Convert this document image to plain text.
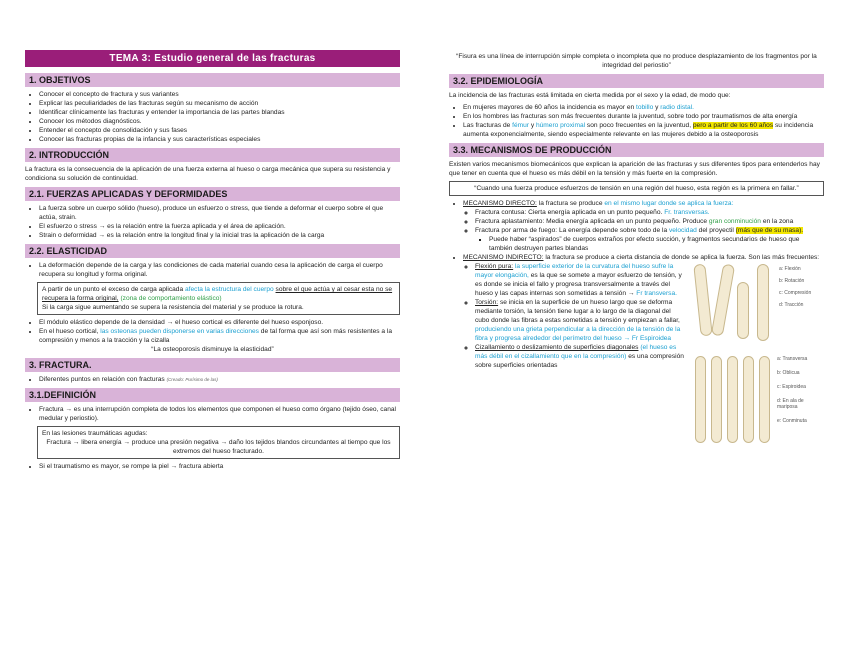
TEMA 3: Estudio general de las fracturas
1. OBJETIVOS
• Conocer el concepto de fractura y sus variantes
• Explicar las peculiaridades de las fracturas según su mecanismo de acción
• Identificar clínicamente las fracturas y entender la importancia de las partes blandas
• Conocer los métodos diagnósticos.
• Entender el concepto de consolidación y sus fases
• Conocer las fracturas propias de la infancia y sus características especiales
2. INTRODUCCIÓN

La fractura es la consecuencia de la aplicación de una fuerza externa al hueso o carga mecánica que supera su resistencia y condiciona su solución de continuidad.

2.1. FUERZAS APLICADAS Y DEFORMIDADES
• La fuerza sobre un cuerpo sólido (hueso), produce un esfuerzo o stress, que tiende a deformar el cuerpo sobre el que actúa, strain.
• El esfuerzo o stress → es la relación entre la fuerza aplicada y el área de aplicación.
• Strain o deformidad → es la relación entre la longitud final y la inicial tras la aplicación de la carga
2.2. ELASTICIDAD
• La deformación depende de la carga y las condiciones de cada material cuando cesa la aplicación de carga el cuerpo recupera su longitud y forma original.
A partir de un punto el exceso de carga aplicada afecta la estructura del cuerpo sobre el que actúa y al cesar esta no se recupera la forma original, (zona de comportamiento elástico)
Si la carga sigue aumentando se supera la resistencia del material y se produce la rotura.
• El módulo elástico depende de la densidad → el hueso cortical es diferente del hueso esponjoso.
• En el hueso cortical, las osteonas pueden disponerse en varias direcciones de tal forma que así son más resistentes a la compresión y menos a la tracción y la cizalla

“La osteoporosis disminuye la elasticidad”

3. FRACTURA.
• Diferentes puntos en relación con fracturas (Creado: Purísimo de las)
3.1.DEFINICIÓN
• Fractura → es una interrupción completa de todos los elementos que componen el hueso como órgano (tejido óseo, canal medular y periostio).
En las lesiones traumáticas agudas:
Fractura → libera energía → produce una presión negativa → daño los tejidos blandos circundantes al tiempo que los extremos del hueso fracturado.
• Si el traumatismo es mayor, se rompe la piel → fractura abierta

“Fisura es una línea de interrupción simple completa o incompleta que no produce desplazamiento de los fragmentos por la integridad del periostio”

3.2. EPIDEMIOLOGÍA

La incidencia de las fracturas está limitada en cierta medida por el sexo y la edad, de modo que:

• En mujeres mayores de 60 años la incidencia es mayor en tobillo y radio distal.
• En los hombres las fracturas son más frecuentes durante la juventud, sobre todo por traumatismos de alta energía
• Las fracturas de fémur y húmero proximal son poco frecuentes en la juventud, pero a partir de los 60 años su incidencia aumenta exponencialmente, siendo especialmente relevante en las mujeres debido a la osteoporosis
3.3. MECANISMOS DE PRODUCCIÓN

Existen varios mecanismos biomecánicos que explican la aparición de las fracturas y sus diferentes tipos para entenderlos hay que tener en cuenta que el hueso es más débil en la tensión y más fuerte en la compresión.

“Cuando una fuerza produce esfuerzos de tensión en una región del hueso, esta región es la primera en fallar.”
• MECANISMO DIRECTO: la fractura se produce en el mismo lugar donde se aplica la fuerza:
◦ Fractura contusa: Cierta energía aplicada en un punto pequeño. Fr. transversas.
◦ Fractura aplastamiento: Media energía aplicada en un punto pequeño. Produce gran conminución en la zona
◦ Fractura por arma de fuego: La energía depende sobre todo de la velocidad del proyectil (más que de su masa).
▪ Puede haber “aspirados” de cuerpos extraños por efecto succión, y fragmentos secundarios de hueso que también destruyen partes blandas
• MECANISMO INDIRECTO: la fractura se produce a cierta distancia de donde se aplica la fuerza. Son las más frecuentes:
◦ Flexión pura: la superficie exterior de la curvatura del hueso sufre la mayor elongación, es la que se somete a mayor esfuerzo de tensión, y es donde se inicia el fallo y progresa transversalmente a través del hueso y las capas internas son sometidas a tensión → Fr transversa.
◦ Torsión: se inicia en la superficie de un hueso largo que se deforma mediante torsión, la tensión tiene lugar a lo largo de la diagonal del cubo donde las fibras a estas sometidas a tensión y empiezan a fallar, produciendo una grieta perpendicular a la dirección de la tensión de la fibra y progresa alrededor del perímetro del hueso → Fr Espiroidea
◦ Cizallamiento o deslizamiento de superficies diagonales (el hueso es más débil en el cizallamiento que en la compresión) es una compresión sobre superficies orientadas
a: Flexión
b: Rotación
c: Compresión
d: Tracción
a: Transversa
b: Oblicua
c: Espiroidea
d: En ala de mariposa
e: Conminuta
